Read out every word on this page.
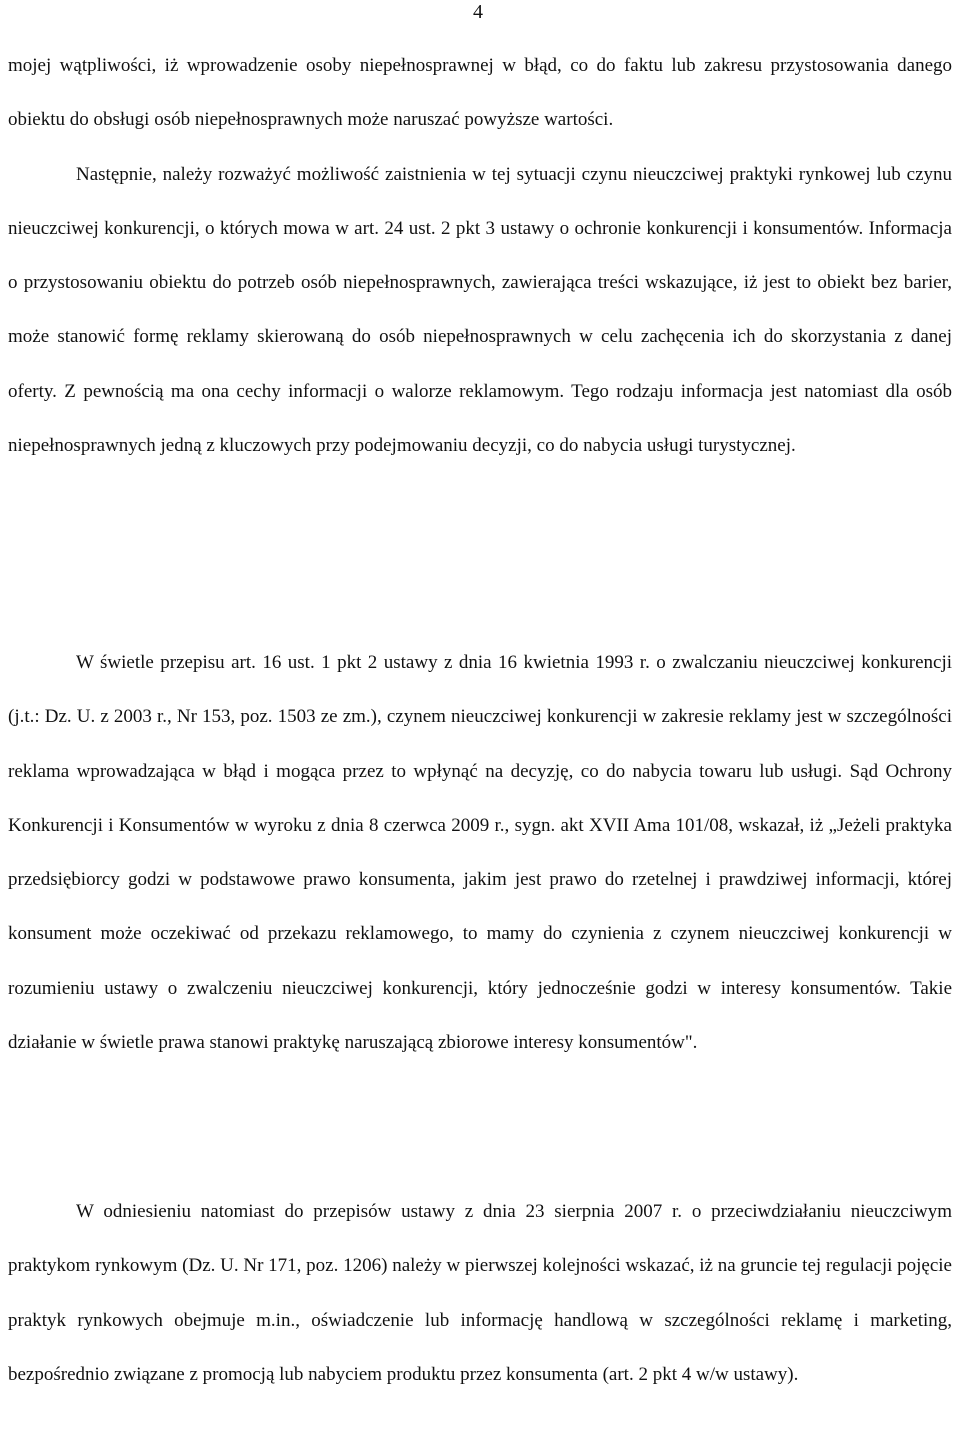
4

mojej wątpliwości, iż wprowadzenie osoby niepełnosprawnej w błąd, co do faktu lub zakresu przystosowania danego obiektu do obsługi osób niepełnosprawnych może naruszać powyższe wartości.

Następnie, należy rozważyć możliwość zaistnienia w tej sytuacji czynu nieuczciwej praktyki rynkowej lub czynu nieuczciwej konkurencji, o których mowa w art. 24 ust. 2 pkt 3 ustawy o ochronie konkurencji i konsumentów. Informacja o przystosowaniu obiektu do potrzeb osób niepełnosprawnych, zawierająca treści wskazujące, iż jest to obiekt bez barier, może stanowić formę reklamy skierowaną do osób niepełnosprawnych w celu zachęcenia ich do skorzystania z danej oferty. Z pewnością ma ona cechy informacji o walorze reklamowym. Tego rodzaju informacja jest natomiast dla osób niepełnosprawnych jedną z kluczowych przy podejmowaniu decyzji, co do nabycia usługi turystycznej.

W świetle przepisu art. 16 ust. 1 pkt 2 ustawy z dnia 16 kwietnia 1993 r. o zwalczaniu nieuczciwej konkurencji (j.t.: Dz. U. z 2003 r., Nr 153, poz. 1503 ze zm.), czynem nieuczciwej konkurencji w zakresie reklamy jest w szczególności reklama wprowadzająca w błąd i mogąca przez to wpłynąć na decyzję, co do nabycia towaru lub usługi. Sąd Ochrony Konkurencji i Konsumentów w wyroku z dnia 8 czerwca 2009 r., sygn. akt XVII Ama 101/08, wskazał, iż „Jeżeli praktyka przedsiębiorcy godzi w podstawowe prawo konsumenta, jakim jest prawo do rzetelnej i prawdziwej informacji, której konsument może oczekiwać od przekazu reklamowego, to mamy do czynienia z czynem nieuczciwej konkurencji w rozumieniu ustawy o zwalczeniu nieuczciwej konkurencji, który jednocześnie godzi w interesy konsumentów. Takie działanie w świetle prawa stanowi praktykę naruszającą zbiorowe interesy konsumentów".

W odniesieniu natomiast do przepisów ustawy z dnia 23 sierpnia 2007 r. o przeciwdziałaniu nieuczciwym praktykom rynkowym (Dz. U. Nr 171, poz. 1206) należy w pierwszej kolejności wskazać, iż na gruncie tej regulacji pojęcie praktyk rynkowych obejmuje m.in., oświadczenie lub informację handlową w szczególności reklamę i marketing, bezpośrednio związane z promocją lub nabyciem produktu przez konsumenta (art. 2 pkt 4 w/w ustawy).
